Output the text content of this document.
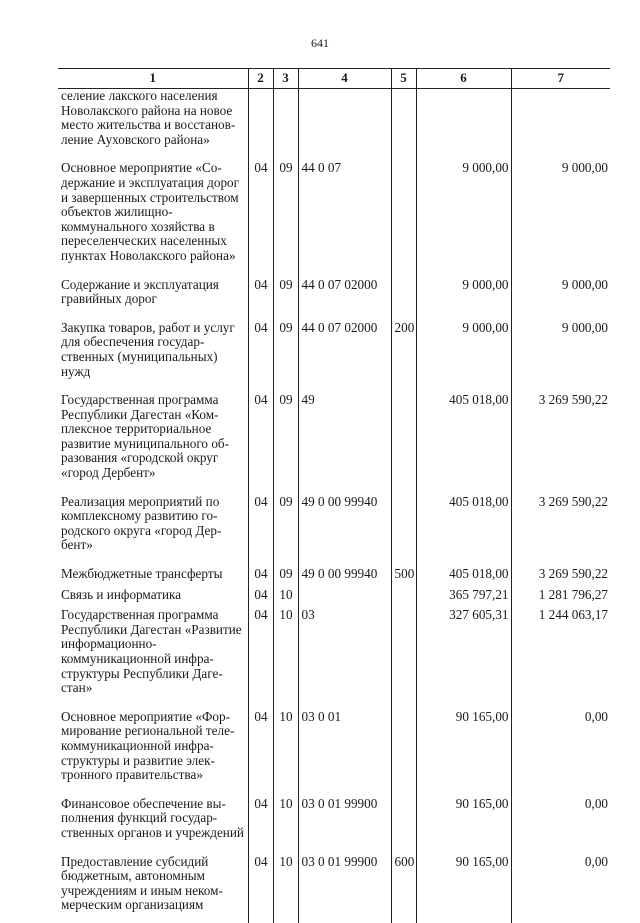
641
1	2	3	4	5	6	7
селение лакского населения Новолакского района на новое место жительства и восстановление Ауховского района»						
Основное мероприятие «Содержание и эксплуатация дорог и завершенных строительством объектов жилищно-коммунального хозяйства в переселенческих населенных пунктах Новолакского района»	04	09	44 0 07		9 000,00	9 000,00
Содержание и эксплуатация гравийных дорог	04	09	44 0 07 02000		9 000,00	9 000,00
Закупка товаров, работ и услуг для обеспечения государственных (муниципальных) нужд	04	09	44 0 07 02000	200	9 000,00	9 000,00
Государственная программа Республики Дагестан «Комплексное территориальное развитие муниципального образования «городской округ «город Дербент»	04	09	49		405 018,00	3 269 590,22
Реализация мероприятий по комплексному развитию городского округа «город Дербент»	04	09	49 0 00 99940		405 018,00	3 269 590,22
Межбюджетные трансферты	04	09	49 0 00 99940	500	405 018,00	3 269 590,22
Связь и информатика	04	10			365 797,21	1 281 796,27
Государственная программа Республики Дагестан «Развитие информационно-коммуникационной инфраструктуры Республики Дагестан»	04	10	03		327 605,31	1 244 063,17
Основное мероприятие «Формирование региональной телекоммуникационной инфраструктуры и развитие электронного правительства»	04	10	03 0 01		90 165,00	0,00
Финансовое обеспечение выполнения функций государственных органов и учреждений	04	10	03 0 01 99900		90 165,00	0,00
Предоставление субсидий бюджетным, автономным учреждениям и иным некоммерческим организациям	04	10	03 0 01 99900	600	90 165,00	0,00
